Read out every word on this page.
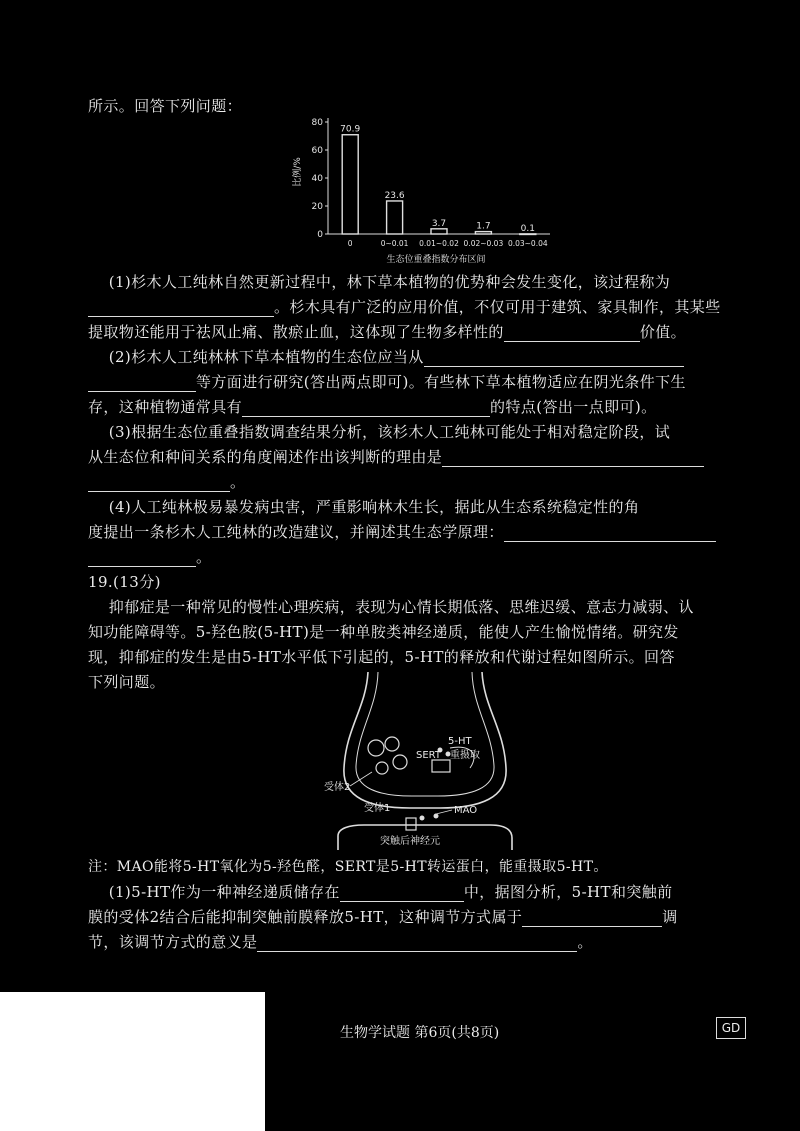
所示。回答下列问题：
比例/%
0
20
40
60
80
70.9
23.6
3.7	1.7	0.1
0	0~0.01 0.01~0.02 0.02~0.03 0.03~0.04
生态位重叠指数分布区间
(1)杉木人工纯林自然更新过程中，林下草本植物的优势种会发生变化，该过程称为
。杉木具有广泛的应用价值，不仅可用于建筑、家具制作，其某些
提取物还能用于祛风止痛、散瘀止血，这体现了生物多样性的	价值。
(2)杉木人工纯林林下草本植物的生态位应当从
等方面进行研究(答出两点即可)。有些林下草本植物适应在阴光条件下生
存，这种植物通常具有	的特点(答出一点即可)。
(3)根据生态位重叠指数调查结果分析，该杉木人工纯林可能处于相对稳定阶段，试
从生态位和种间关系的角度阐述作出该判断的理由是
。
(4)人工纯林极易暴发病虫害，严重影响林木生长，据此从生态系统稳定性的角
度提出一条杉木人工纯林的改造建议，并阐述其生态学原理：
。
19.(13分)
抑郁症是一种常见的慢性心理疾病，表现为心情长期低落、思维迟缓、意志力减弱、认
知功能障碍等。5-羟色胺(5-HT)是一种单胺类神经递质，能使人产生愉悦情绪。研究发
现，抑郁症的发生是由5-HT水平低下引起的，5-HT的释放和代谢过程如图所示。回答
下列问题。
5-HT
SERT 重摄取
受体2
受体1	MAO
突触后神经元
注：MAO能将5-HT氧化为5-羟色醛，SERT是5-HT转运蛋白，能重摄取5-HT。
(1)5-HT作为一种神经递质储存在	中，据图分析，5-HT和突触前
膜的受体2结合后能抑制突触前膜释放5-HT，这种调节方式属于	调
节，该调节方式的意义是	。
生物学试题 第6页(共8页)	GD
